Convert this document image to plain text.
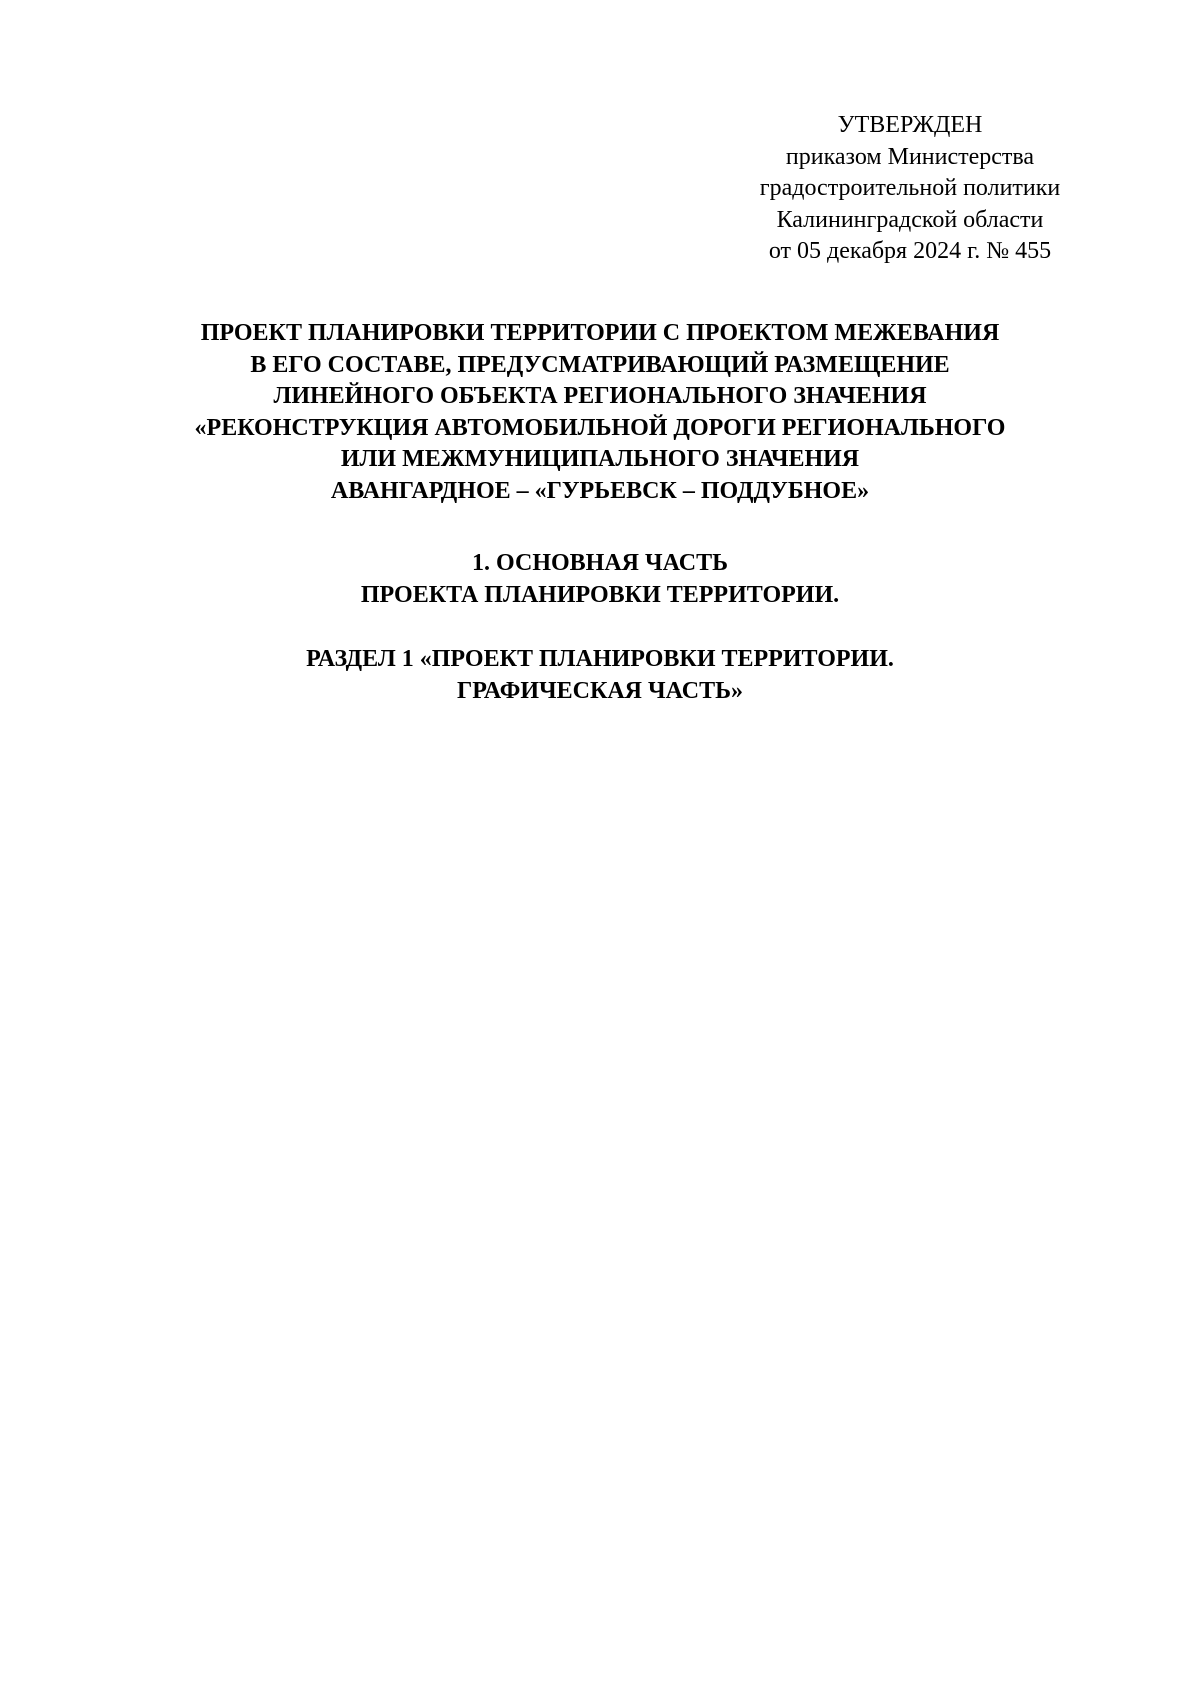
УТВЕРЖДЕН
приказом Министерства
градостроительной политики
Калининградской области
от 05 декабря 2024 г. № 455
ПРОЕКТ ПЛАНИРОВКИ ТЕРРИТОРИИ С ПРОЕКТОМ МЕЖЕВАНИЯ
В ЕГО СОСТАВЕ, ПРЕДУСМАТРИВАЮЩИЙ РАЗМЕЩЕНИЕ
ЛИНЕЙНОГО ОБЪЕКТА РЕГИОНАЛЬНОГО ЗНАЧЕНИЯ
«РЕКОНСТРУКЦИЯ АВТОМОБИЛЬНОЙ ДОРОГИ РЕГИОНАЛЬНОГО
ИЛИ МЕЖМУНИЦИПАЛЬНОГО ЗНАЧЕНИЯ
АВАНГАРДНОЕ – «ГУРЬЕВСК – ПОДДУБНОЕ»
1. ОСНОВНАЯ ЧАСТЬ
ПРОЕКТА ПЛАНИРОВКИ ТЕРРИТОРИИ.
РАЗДЕЛ 1 «ПРОЕКТ ПЛАНИРОВКИ ТЕРРИТОРИИ.
ГРАФИЧЕСКАЯ ЧАСТЬ»
